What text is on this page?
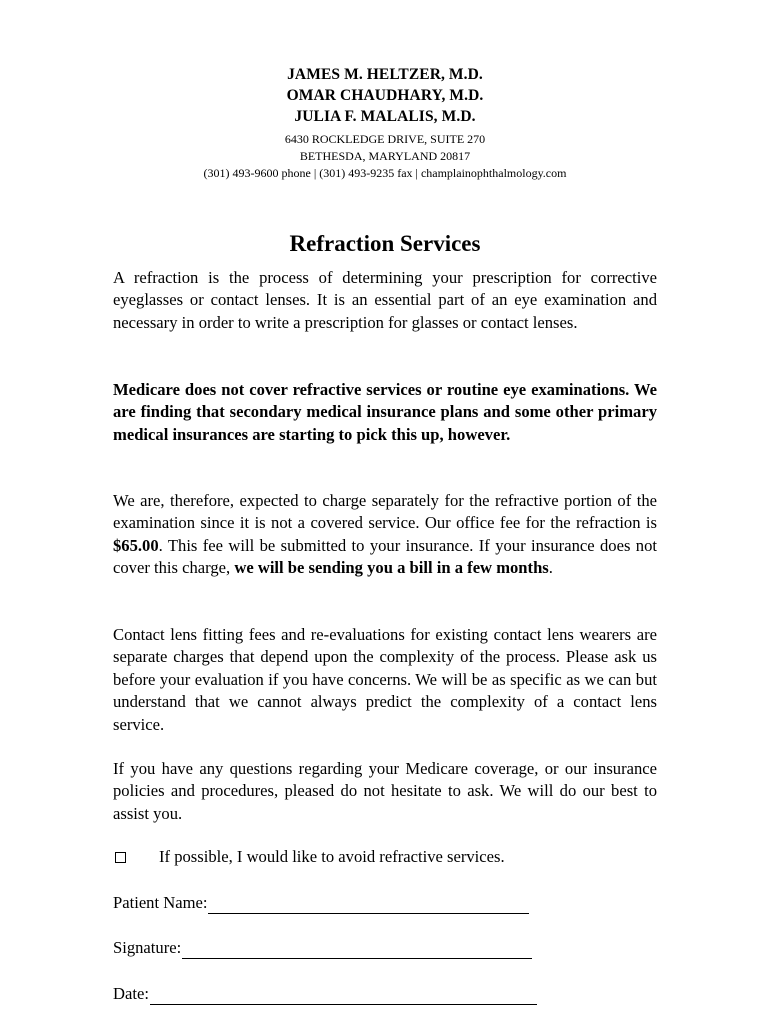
JAMES M. HELTZER, M.D.
OMAR CHAUDHARY, M.D.
JULIA F. MALALIS, M.D.
6430 ROCKLEDGE DRIVE, SUITE 270
BETHESDA, MARYLAND 20817
(301) 493-9600 phone | (301) 493-9235 fax | champlainophthalmology.com
Refraction Services

A refraction is the process of determining your prescription for corrective eyeglasses or contact lenses. It is an essential part of an eye examination and necessary in order to write a prescription for glasses or contact lenses.

Medicare does not cover refractive services or routine eye examinations. We are finding that secondary medical insurance plans and some other primary medical insurances are starting to pick this up, however.

We are, therefore, expected to charge separately for the refractive portion of the examination since it is not a covered service. Our office fee for the refraction is $65.00. This fee will be submitted to your insurance. If your insurance does not cover this charge, we will be sending you a bill in a few months.

Contact lens fitting fees and re-evaluations for existing contact lens wearers are separate charges that depend upon the complexity of the process. Please ask us before your evaluation if you have concerns. We will be as specific as we can but understand that we cannot always predict the complexity of a contact lens service.

If you have any questions regarding your Medicare coverage, or our insurance policies and procedures, pleased do not hesitate to ask. We will do our best to assist you.

If possible, I would like to avoid refractive services.
Patient Name:
Signature:
Date:
